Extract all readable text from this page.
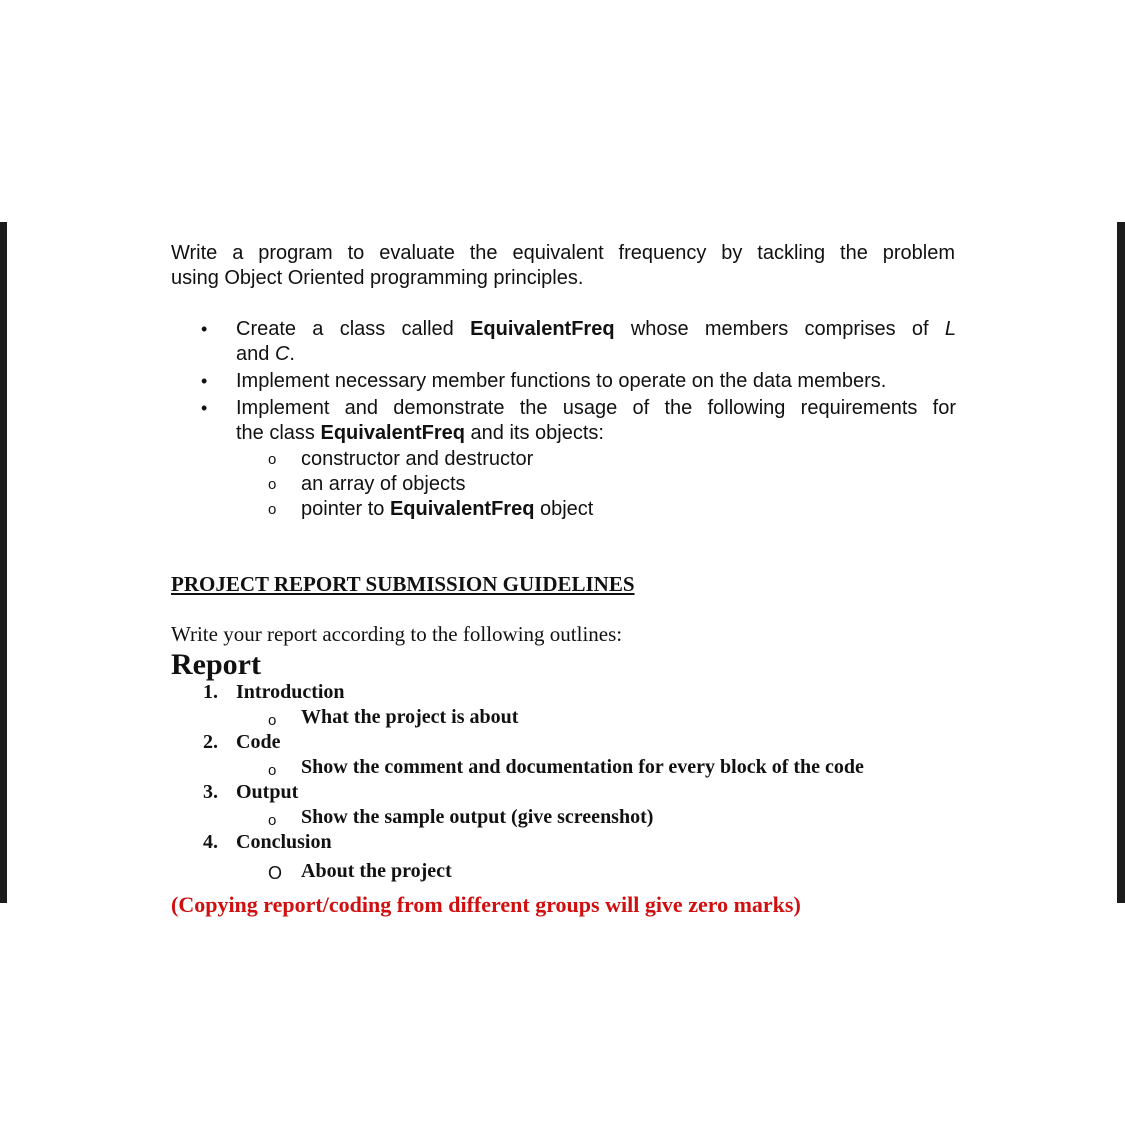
Write a program to evaluate the equivalent frequency by tackling the problem
using Object Oriented programming principles.
• Create a class called EquivalentFreq whose members comprises of L
and C.
• Implement necessary member functions to operate on the data members.
• Implement and demonstrate the usage of the following requirements for
the class EquivalentFreq and its objects:
o constructor and destructor
o an array of objects
o pointer to EquivalentFreq object
PROJECT REPORT SUBMISSION GUIDELINES
Write your report according to the following outlines:
Report
1. Introduction
o What the project is about
2. Code
o Show the comment and documentation for every block of the code
3. Output
o Show the sample output (give screenshot)
4. Conclusion
O About the project
(Copying report/coding from different groups will give zero marks)
